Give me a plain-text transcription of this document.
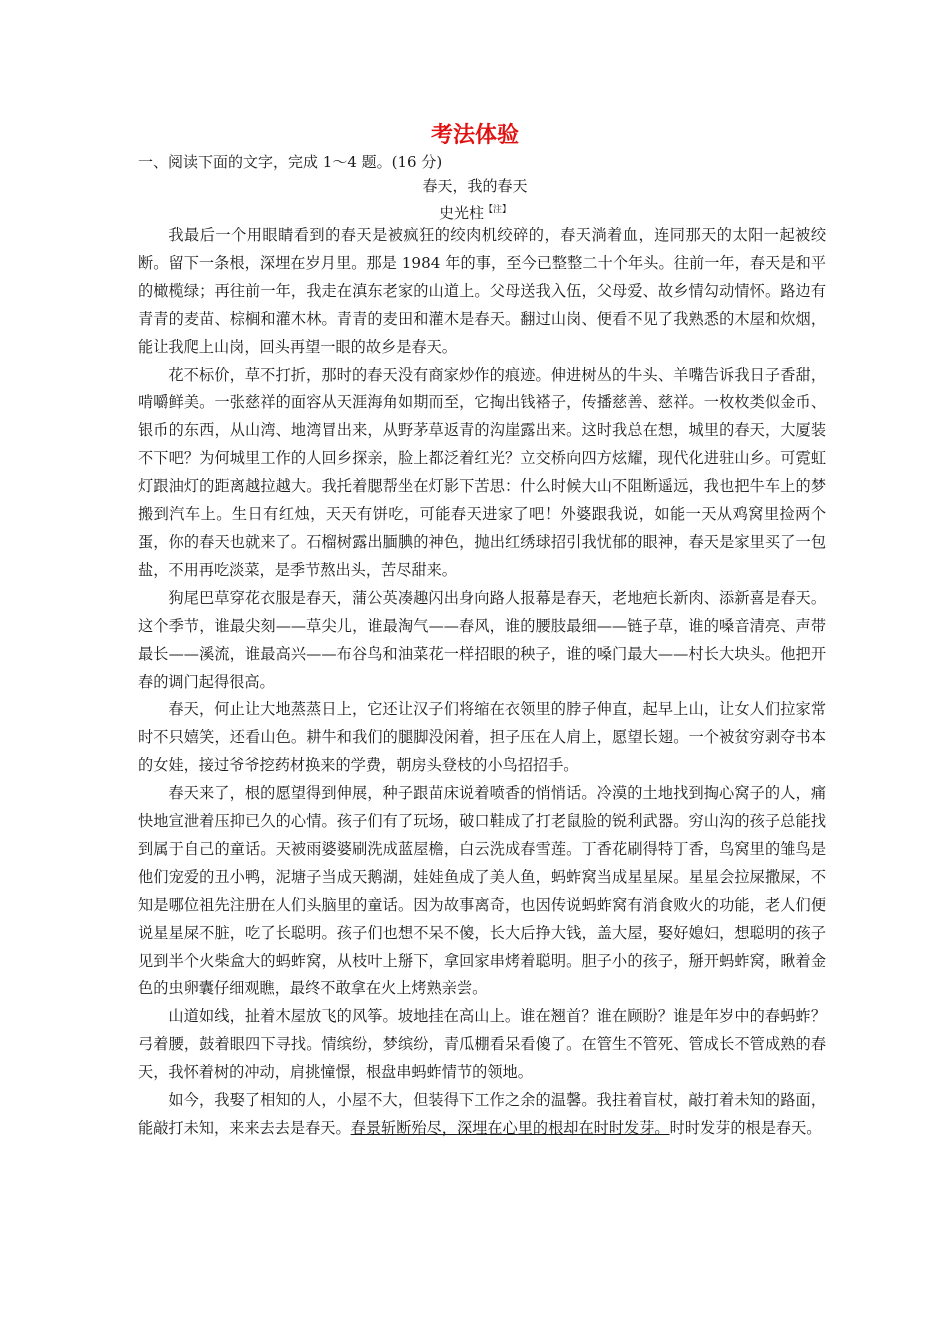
考法体验
一、阅读下面的文字，完成 1～4 题。(16 分)
春天，我的春天
史光柱$^{【注】}$

我最后一个用眼睛看到的春天是被疯狂的绞肉机绞碎的，春天淌着血，连同那天的太阳一起被绞断。留下一条根，深埋在岁月里。那是 1984 年的事，至今已整整二十个年头。往前一年，春天是和平的橄榄绿；再往前一年，我走在滇东老家的山道上。父母送我入伍，父母爱、故乡情勾动情怀。路边有青青的麦苗、棕榈和灌木林。青青的麦田和灌木是春天。翻过山岗、便看不见了我熟悉的木屋和炊烟，能让我爬上山岗，回头再望一眼的故乡是春天。

花不标价，草不打折，那时的春天没有商家炒作的痕迹。伸进树丛的牛头、羊嘴告诉我日子香甜，啃嚼鲜美。一张慈祥的面容从天涯海角如期而至，它掏出钱褡子，传播慈善、慈祥。一枚枚类似金币、银币的东西，从山湾、地湾冒出来，从野茅草返青的沟崖露出来。这时我总在想，城里的春天，大厦装不下吧？为何城里工作的人回乡探亲，脸上都泛着红光？立交桥向四方炫耀，现代化进驻山乡。可霓虹灯跟油灯的距离越拉越大。我托着腮帮坐在灯影下苦思：什么时候大山不阻断遥远，我也把牛车上的梦搬到汽车上。生日有红烛，天天有饼吃，可能春天进家了吧！外婆跟我说，如能一天从鸡窝里捡两个蛋，你的春天也就来了。石榴树露出腼腆的神色，抛出红绣球招引我忧郁的眼神，春天是家里买了一包盐，不用再吃淡菜，是季节熬出头，苦尽甜来。

狗尾巴草穿花衣服是春天，蒲公英凑趣闪出身向路人报幕是春天，老地疤长新肉、添新喜是春天。这个季节，谁最尖刻——草尖儿，谁最淘气——春风，谁的腰肢最细——链子草，谁的嗓音清亮、声带最长——溪流，谁最高兴——布谷鸟和油菜花一样招眼的秧子，谁的嗓门最大——村长大块头。他把开春的调门起得很高。

春天，何止让大地蒸蒸日上，它还让汉子们将缩在衣领里的脖子伸直，起早上山，让女人们拉家常时不只嬉笑，还看山色。耕牛和我们的腿脚没闲着，担子压在人肩上，愿望长翅。一个被贫穷剥夺书本的女娃，接过爷爷挖药材换来的学费，朝房头登枝的小鸟招招手。

春天来了，根的愿望得到伸展，种子跟苗床说着喷香的悄悄话。冷漠的土地找到掏心窝子的人，痛快地宣泄着压抑已久的心情。孩子们有了玩场，破口鞋成了打老鼠脸的锐利武器。穷山沟的孩子总能找到属于自己的童话。天被雨婆婆刷洗成蓝屋檐，白云洗成春雪莲。丁香花刷得特丁香，鸟窝里的雏鸟是他们宠爱的丑小鸭，泥塘子当成天鹅湖，娃娃鱼成了美人鱼，蚂蚱窝当成星星屎。星星会拉屎撒屎，不知是哪位祖先注册在人们头脑里的童话。因为故事离奇，也因传说蚂蚱窝有消食败火的功能，老人们便说星星屎不脏，吃了长聪明。孩子们也想不呆不傻，长大后挣大钱，盖大屋，娶好媳妇，想聪明的孩子见到半个火柴盒大的蚂蚱窝，从枝叶上掰下，拿回家串烤着聪明。胆子小的孩子，掰开蚂蚱窝，瞅着金色的虫卵囊仔细观瞧，最终不敢拿在火上烤熟亲尝。

山道如线，扯着木屋放飞的风筝。坡地挂在高山上。谁在翘首？谁在顾盼？谁是年岁中的春蚂蚱？弓着腰，鼓着眼四下寻找。情缤纷，梦缤纷，青瓜棚看呆看傻了。在管生不管死、管成长不管成熟的春天，我怀着树的冲动，肩挑憧憬，根盘串蚂蚱情节的领地。

如今，我娶了相知的人，小屋不大，但装得下工作之余的温馨。我拄着盲杖，敲打着未知的路面，能敲打未知，来来去去是春天。春景斩断殆尽，深埋在心里的根却在时时发芽。时时发芽的根是春天。
